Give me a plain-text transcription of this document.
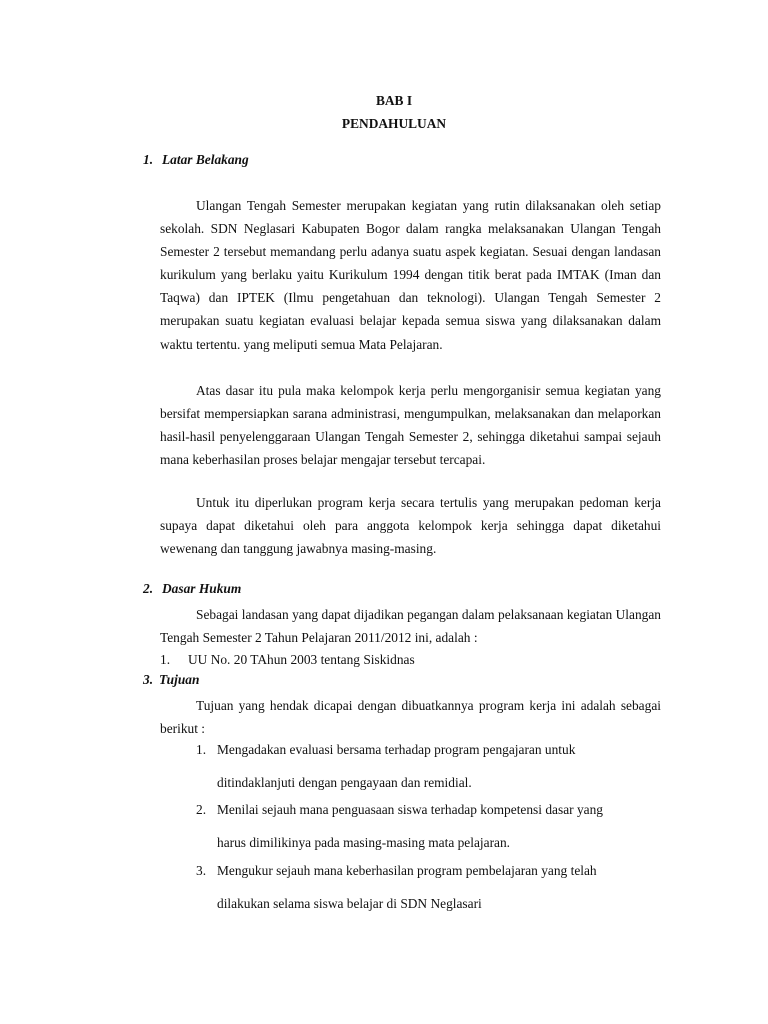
BAB I
PENDAHULUAN
1. Latar Belakang

Ulangan Tengah Semester merupakan kegiatan yang rutin dilaksanakan oleh setiap sekolah. SDN Neglasari Kabupaten Bogor dalam rangka melaksanakan Ulangan Tengah Semester 2 tersebut memandang perlu adanya suatu aspek kegiatan. Sesuai dengan landasan kurikulum yang berlaku yaitu Kurikulum 1994 dengan titik berat pada IMTAK (Iman dan Taqwa) dan IPTEK (Ilmu pengetahuan dan teknologi). Ulangan Tengah Semester 2 merupakan suatu kegiatan evaluasi belajar kepada semua siswa yang dilaksanakan dalam waktu tertentu. yang meliputi semua Mata Pelajaran.

Atas dasar itu pula maka kelompok kerja perlu mengorganisir semua kegiatan yang bersifat mempersiapkan sarana administrasi, mengumpulkan, melaksanakan dan melaporkan hasil-hasil penyelenggaraan Ulangan Tengah Semester 2, sehingga diketahui sampai sejauh mana keberhasilan proses belajar mengajar tersebut tercapai.

Untuk itu diperlukan program kerja secara tertulis yang merupakan pedoman kerja supaya dapat diketahui oleh para anggota kelompok kerja sehingga dapat diketahui wewenang dan tanggung jawabnya masing-masing.

2. Dasar Hukum

Sebagai landasan yang dapat dijadikan pegangan dalam pelaksanaan kegiatan Ulangan Tengah Semester 2 Tahun Pelajaran 2011/2012 ini, adalah :

1. UU No. 20 TAhun 2003 tentang Siskidnas
3. Tujuan

Tujuan yang hendak dicapai dengan dibuatkannya program kerja ini adalah sebagai berikut :

1. Mengadakan evaluasi bersama terhadap program pengajaran untuk
ditindaklanjuti dengan pengayaan dan remidial.
2. Menilai sejauh mana penguasaan siswa terhadap kompetensi dasar yang
harus dimilikinya pada masing-masing mata pelajaran.
3. Mengukur sejauh mana keberhasilan program pembelajaran yang telah
dilakukan selama siswa belajar di SDN Neglasari
